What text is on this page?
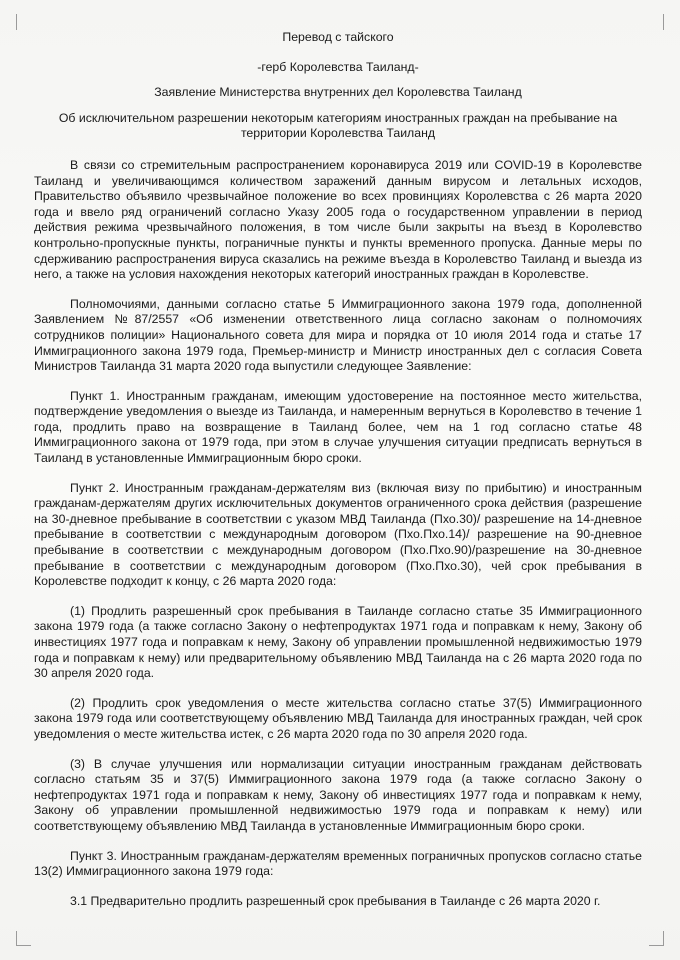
Перевод с тайского
-герб Королевства Таиланд-
Заявление Министерства внутренних дел Королевства Таиланд
Об исключительном разрешении некоторым категориям иностранных граждан на пребывание на территории Королевства Таиланд

В связи со стремительным распространением коронавируса 2019 или COVID-19 в Королевстве Таиланд и увеличивающимся количеством заражений данным вирусом и летальных исходов, Правительство объявило чрезвычайное положение во всех провинциях Королевства с 26 марта 2020 года и ввело ряд ограничений согласно Указу 2005 года о государственном управлении в период действия режима чрезвычайного положения, в том числе были закрыты на въезд в Королевство контрольно-пропускные пункты, пограничные пункты и пункты временного пропуска. Данные меры по сдерживанию распространения вируса сказались на режиме въезда в Королевство Таиланд и выезда из него, а также на условия нахождения некоторых категорий иностранных граждан в Королевстве.

Полномочиями, данными согласно статье 5 Иммиграционного закона 1979 года, дополненной Заявлением №87/2557 «Об изменении ответственного лица согласно законам о полномочиях сотрудников полиции» Национального совета для мира и порядка от 10 июля 2014 года и статье 17 Иммиграционного закона 1979 года, Премьер-министр и Министр иностранных дел с согласия Совета Министров Таиланда 31 марта 2020 года выпустили следующее Заявление:

Пункт 1. Иностранным гражданам, имеющим удостоверение на постоянное место жительства, подтверждение уведомления о выезде из Таиланда, и намеренным вернуться в Королевство в течение 1 года, продлить право на возвращение в Таиланд более, чем на 1 год согласно статье 48 Иммиграционного закона от 1979 года, при этом в случае улучшения ситуации предписать вернуться в Таиланд в установленные Иммиграционным бюро сроки.

Пункт 2. Иностранным гражданам-держателям виз (включая визу по прибытию) и иностранным гражданам-держателям других исключительных документов ограниченного срока действия (разрешение на 30-дневное пребывание в соответствии с указом МВД Таиланда (Пхо.30)/ разрешение на 14-дневное пребывание в соответствии с международным договором (Пхо.Пхо.14)/ разрешение на 90-дневное пребывание в соответствии с международным договором (Пхо.Пхо.90)/разрешение на 30-дневное пребывание в соответствии с международным договором (Пхо.Пхо.30), чей срок пребывания в Королевстве подходит к концу, с 26 марта 2020 года:

(1) Продлить разрешенный срок пребывания в Таиланде согласно статье 35 Иммиграционного закона 1979 года (а также согласно Закону о нефтепродуктах 1971 года и поправкам к нему, Закону об инвестициях 1977 года и поправкам к нему, Закону об управлении промышленной недвижимостью 1979 года и поправкам к нему) или предварительному объявлению МВД Таиланда на с 26 марта 2020 года по 30 апреля 2020 года.

(2) Продлить срок уведомления о месте жительства согласно статье 37(5) Иммиграционного закона 1979 года или соответствующему объявлению МВД Таиланда для иностранных граждан, чей срок уведомления о месте жительства истек, с 26 марта 2020 года по 30 апреля 2020 года.

(3) В случае улучшения или нормализации ситуации иностранным гражданам действовать согласно статьям 35 и 37(5) Иммиграционного закона 1979 года (а также согласно Закону о нефтепродуктах 1971 года и поправкам к нему, Закону об инвестициях 1977 года и поправкам к нему, Закону об управлении промышленной недвижимостью 1979 года и поправкам к нему) или соответствующему объявлению МВД Таиланда в установленные Иммиграционным бюро сроки.

Пункт 3. Иностранным гражданам-держателям временных пограничных пропусков согласно статье 13(2) Иммиграционного закона 1979 года:

3.1 Предварительно продлить разрешенный срок пребывания в Таиланде с 26 марта 2020 г.
